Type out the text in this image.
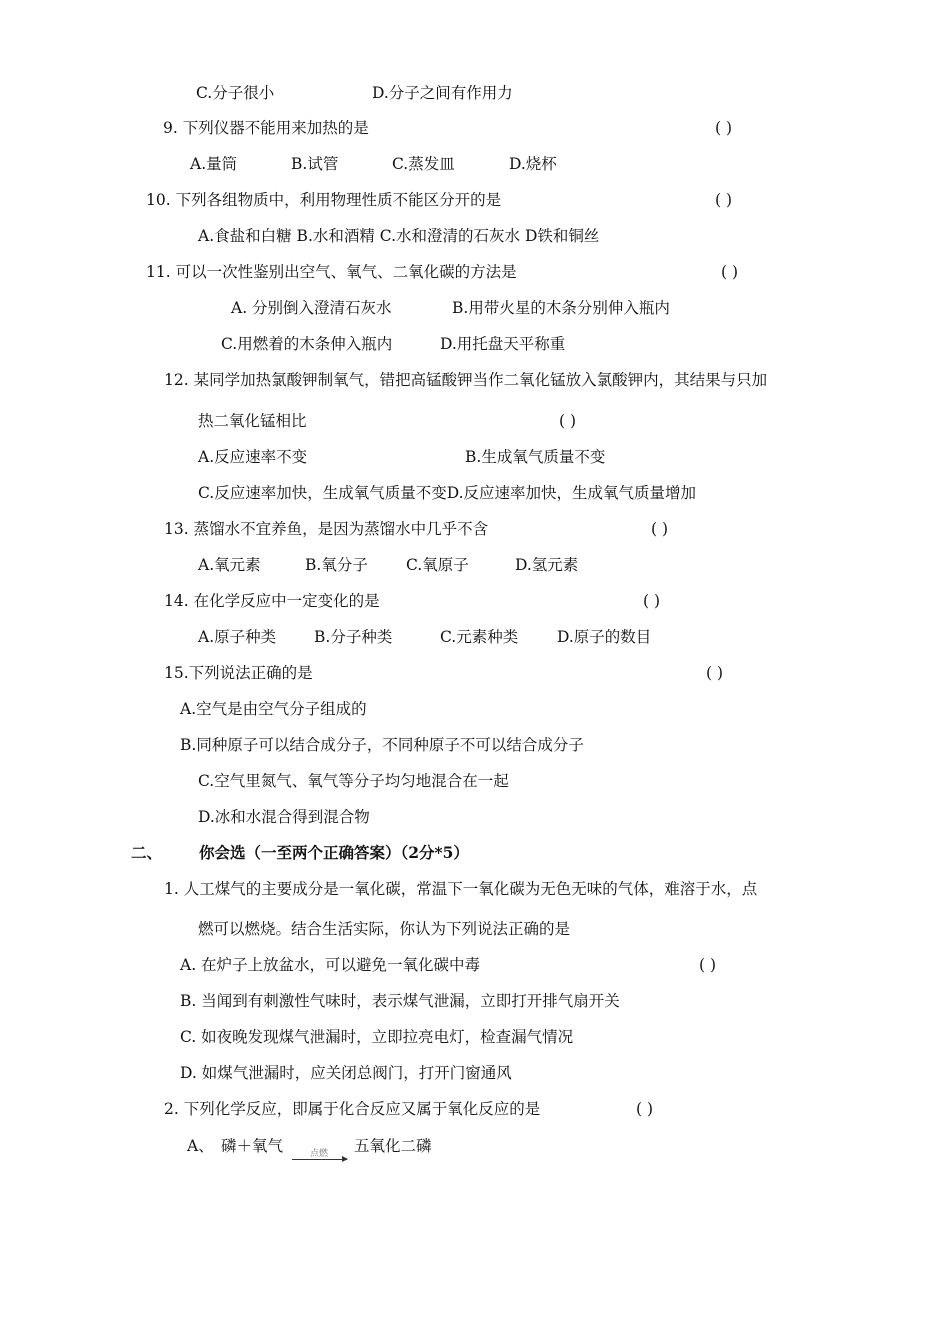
C.分子很小	D.分子之间有作用力
9. 下列仪器不能用来加热的是	( )
A.量筒	B.试管	C.蒸发皿	D.烧杯
10. 下列各组物质中，利用物理性质不能区分开的是	( )
A.食盐和白糖 B.水和酒精 C.水和澄清的石灰水 D铁和铜丝
11. 可以一次性鉴别出空气、氧气、二氧化碳的方法是	( )
A. 分别倒入澄清石灰水	B.用带火星的木条分别伸入瓶内
C.用燃着的木条伸入瓶内	D.用托盘天平称重
12. 某同学加热氯酸钾制氧气，错把高锰酸钾当作二氧化锰放入氯酸钾内，其结果与只加
热二氧化锰相比	( )
A.反应速率不变	B.生成氧气质量不变
C.反应速率加快，生成氧气质量不变D.反应速率加快，生成氧气质量增加
13. 蒸馏水不宜养鱼，是因为蒸馏水中几乎不含	( )
A.氧元素	B.氧分子 C.氧原子	D.氢元素
14. 在化学反应中一定变化的是	( )
A.原子种类 B.分子种类	C.元素种类	D.原子的数目
15.下列说法正确的是	( )
A.空气是由空气分子组成的
B.同种原子可以结合成分子，不同种原子不可以结合成分子
C.空气里氮气、氧气等分子均匀地混合在一起
D.冰和水混合得到混合物
二、 你会选（一至两个正确答案）（2分*5）
1. 人工煤气的主要成分是一氧化碳，常温下一氧化碳为无色无味的气体，难溶于水，点
燃可以燃烧。结合生活实际，你认为下列说法正确的是
A. 在炉子上放盆水，可以避免一氧化碳中毒	( )
B. 当闻到有刺激性气味时，表示煤气泄漏，立即打开排气扇开关
C. 如夜晚发现煤气泄漏时，立即拉亮电灯，检查漏气情况
D. 如煤气泄漏时，应关闭总阀门，打开门窗通风
2. 下列化学反应，即属于化合反应又属于氧化反应的是	( )
A、 磷＋氧气	点燃 五氧化二磷
